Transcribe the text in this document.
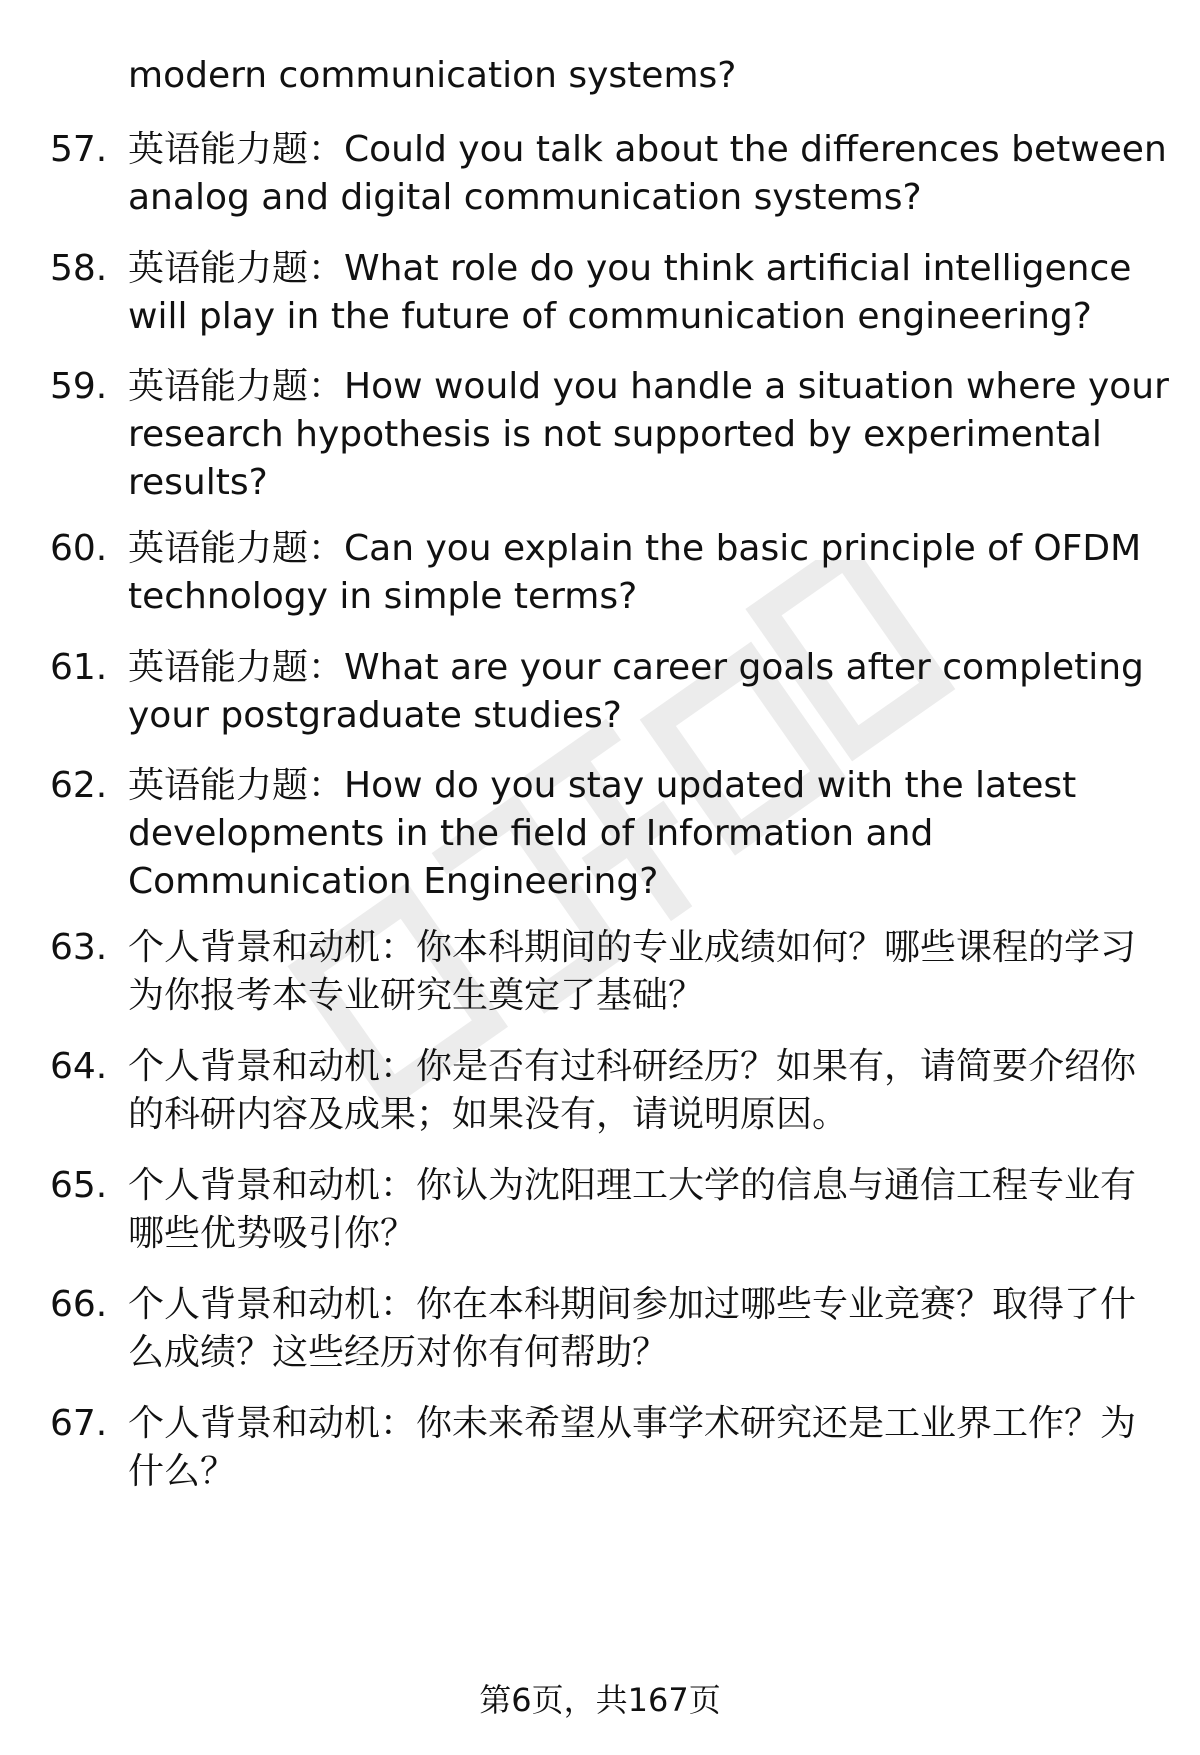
modern communication systems?
57. 英语能力题：Could you talk about the differences between
analog and digital communication systems?
58. 英语能力题：What role do you think artificial intelligence
will play in the future of communication engineering?
59. 英语能力题：How would you handle a situation where your
research hypothesis is not supported by experimental
results?
60. 英语能力题：Can you explain the basic principle of OFDM
technology in simple terms?
61. 英语能力题：What are your career goals after completing
your postgraduate studies?
62. 英语能力题：How do you stay updated with the latest
developments in the field of Information and
Communication Engineering?
63. 个人背景和动机：你本科期间的专业成绩如何？哪些课程的学习
为你报考本专业研究生奠定了基础？
64. 个人背景和动机：你是否有过科研经历？如果有，请简要介绍你
的科研内容及成果；如果没有，请说明原因。
65. 个人背景和动机：你认为沈阳理工大学的信息与通信工程专业有
哪些优势吸引你？
66. 个人背景和动机：你在本科期间参加过哪些专业竞赛？取得了什
么成绩？这些经历对你有何帮助？
67. 个人背景和动机：你未来希望从事学术研究还是工业界工作？为
什么？
第6页，共167页
